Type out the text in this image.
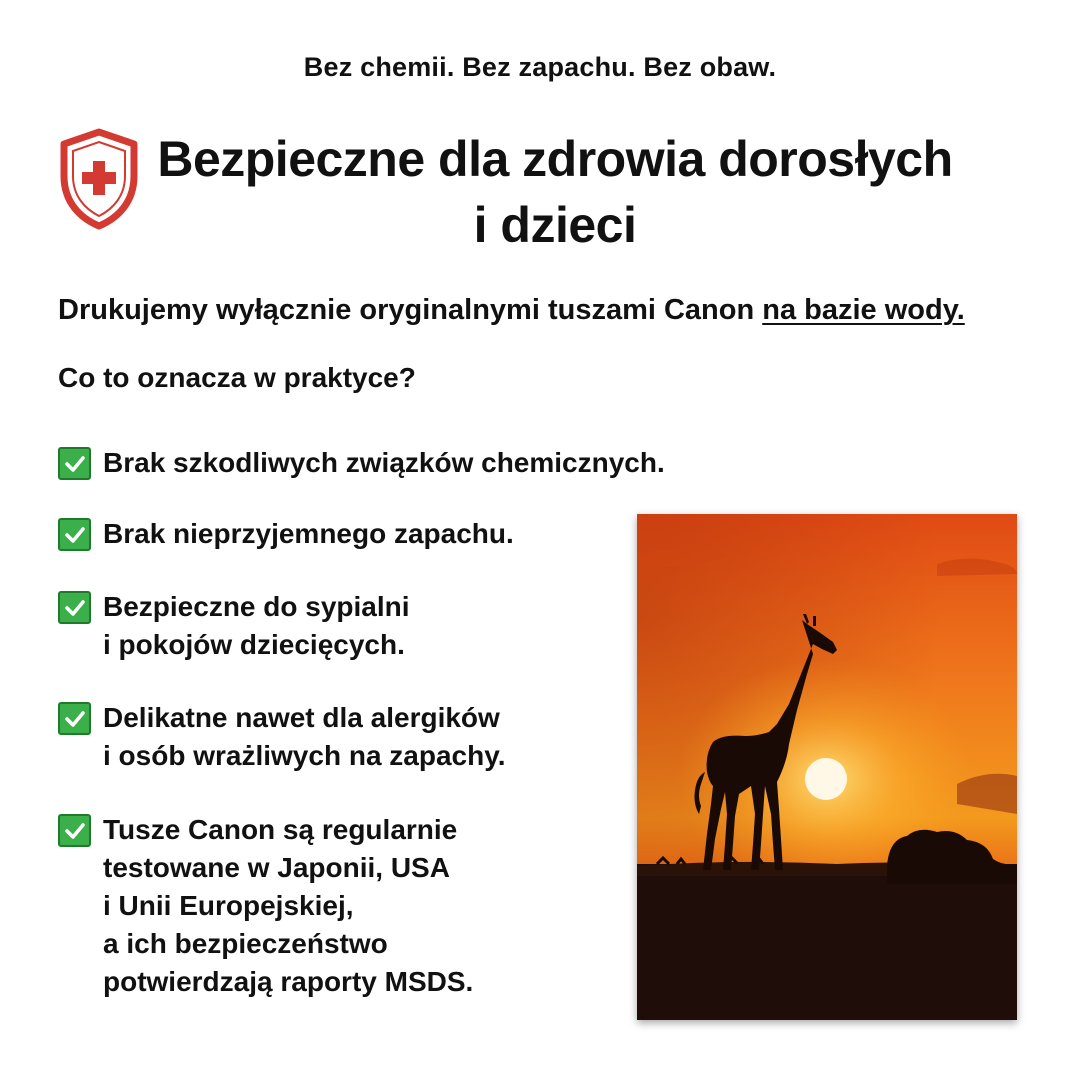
Bez chemii. Bez zapachu. Bez obaw.
Bezpieczne dla zdrowia dorosłych
i dzieci
Drukujemy wyłącznie oryginalnymi tuszami Canon na bazie wody.
Co to oznacza w praktyce?
Brak szkodliwych związków chemicznych.
Brak nieprzyjemnego zapachu.
Bezpieczne do sypialni
i pokojów dziecięcych.
Delikatne nawet dla alergików
i osób wrażliwych na zapachy.
Tusze Canon są regularnie
testowane w Japonii, USA
i Unii Europejskiej,
a ich bezpieczeństwo
potwierdzają raporty MSDS.
